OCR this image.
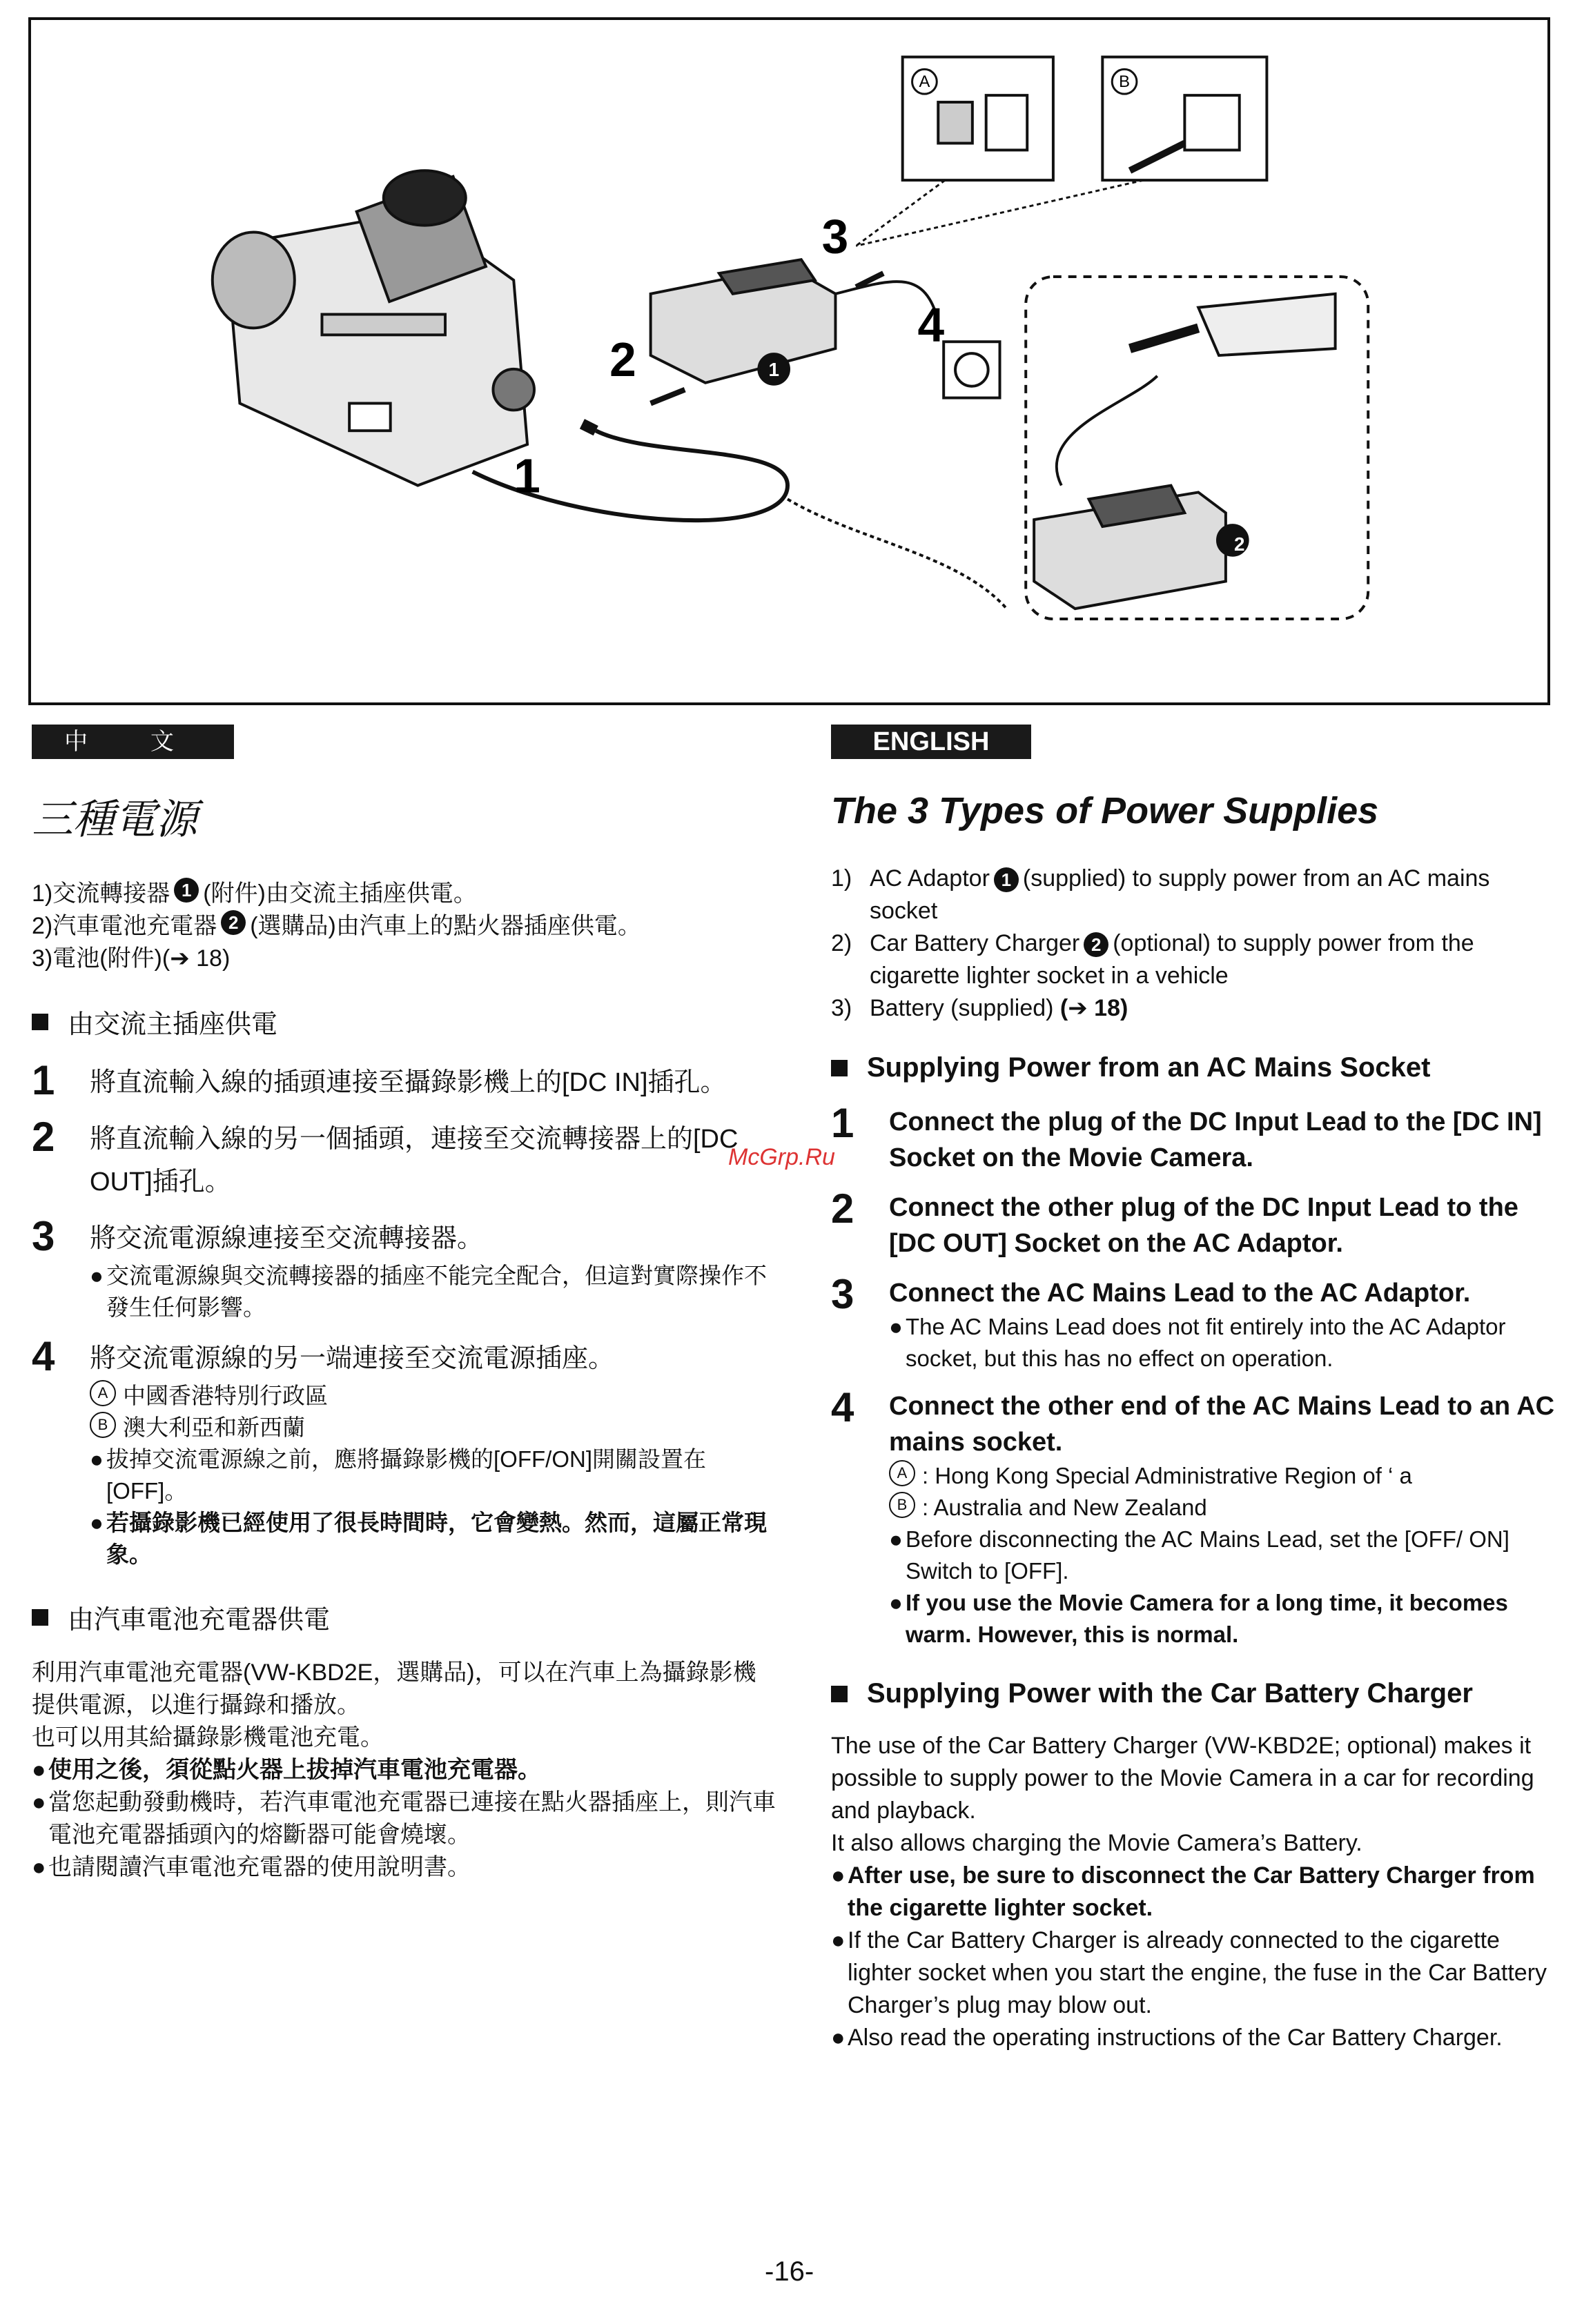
A	B
2
1
1
2
3
4
中 文
三種電源
1) 交流轉接器 1 (附件)由交流主插座供電。
2) 汽車電池充電器 2 (選購品)由汽車上的點火器插座供電。
3) 電池(附件)(➔ 18)
由交流主插座供電
1	將直流輸入線的插頭連接至攝錄影機上的[DC IN]插孔。
2	將直流輸入線的另一個插頭，連接至交流轉接器上的[DC OUT]插孔。
3	將交流電源線連接至交流轉接器。
● 交流電源線與交流轉接器的插座不能完全配合，但這對實際操作不發生任何影響。
4	將交流電源線的另一端連接至交流電源插座。
A 中國香港特別行政區
B 澳大利亞和新西蘭
● 拔掉交流電源線之前，應將攝錄影機的[OFF/ON]開關設置在[OFF]。
● 若攝錄影機已經使用了很長時間時，它會變熱。然而，這屬正常現象。
由汽車電池充電器供電
利用汽車電池充電器(VW-KBD2E，選購品)，可以在汽車上為攝錄影機提供電源，以進行攝錄和播放。
也可以用其給攝錄影機電池充電。
● 使用之後，須從點火器上拔掉汽車電池充電器。
● 當您起動發動機時，若汽車電池充電器已連接在點火器插座上，則汽車電池充電器插頭內的熔斷器可能會燒壞。
● 也請閱讀汽車電池充電器的使用說明書。
ENGLISH
The 3 Types of Power Supplies
1) AC Adaptor 1 (supplied) to supply power from an AC mains socket
2) Car Battery Charger 2 (optional) to supply power from the cigarette lighter socket in a vehicle
3) Battery (supplied) (➔ 18)
Supplying Power from an AC Mains Socket
1	Connect the plug of the DC Input Lead to the [DC IN] Socket on the Movie Camera.
2	Connect the other plug of the DC Input Lead to the [DC OUT] Socket on the AC Adaptor.
3	Connect the AC Mains Lead to the AC Adaptor.
● The AC Mains Lead does not fit entirely into the AC Adaptor socket, but this has no effect on operation.
4	Connect the other end of the AC Mains Lead to an AC mains socket.
A : Hong Kong Special Administrative Region of ‘ a
B : Australia and New Zealand
● Before disconnecting the AC Mains Lead, set the [OFF/ ON] Switch to [OFF].
● If you use the Movie Camera for a long time, it becomes warm. However, this is normal.
Supplying Power with the Car Battery Charger
The use of the Car Battery Charger (VW-KBD2E; optional) makes it possible to supply power to the Movie Camera in a car for recording and playback.
It also allows charging the Movie Camera’s Battery.
● After use, be sure to disconnect the Car Battery Charger from the cigarette lighter socket.
● If the Car Battery Charger is already connected to the cigarette lighter socket when you start the engine, the fuse in the Car Battery Charger’s plug may blow out.
● Also read the operating instructions of the Car Battery Charger.
McGrp.Ru
-16-
